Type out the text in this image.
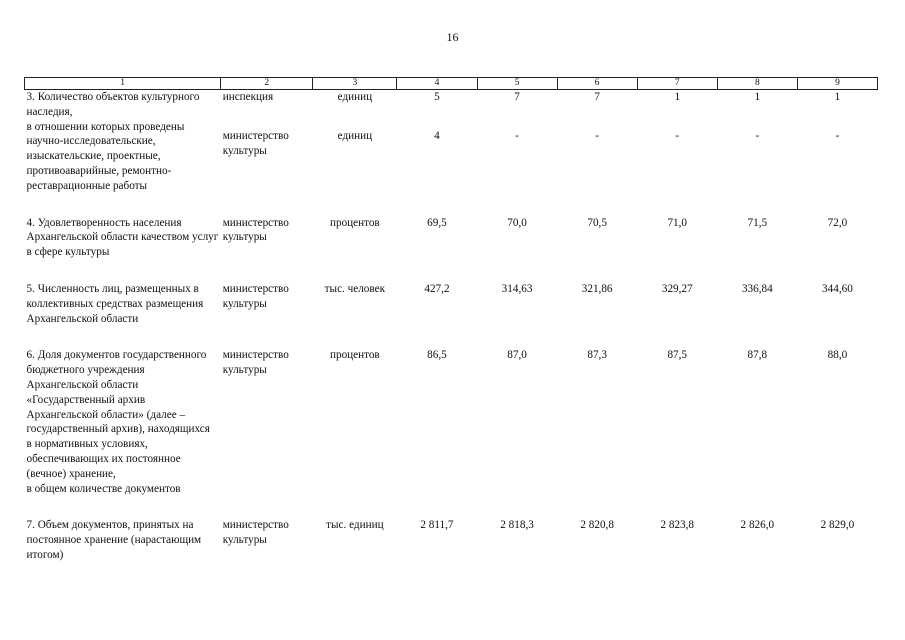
16
1	2	3	4	5	6	7	8	9

3. Количество объектов культурного наследия,
в отношении которых проведены научно-исследовательские, изыскательские, проектные, противоаварийные, ремонтно-реставрационные работы	инспекция	единиц	5	7	7	1	1	1
	министерство культуры	единиц	4	-	-	-	-	-

4. Удовлетворенность населения Архангельской области качеством услуг в сфере культуры	министерство культуры	процентов	69,5	70,0	70,5	71,0	71,5	72,0

5. Численность лиц, размещенных в коллективных средствах размещения Архангельской области	министерство культуры	тыс. человек	427,2	314,63	321,86	329,27	336,84	344,60

6. Доля документов государственного бюджетного учреждения Архангельской области «Государственный архив Архангельской области» (далее – государственный архив), находящихся
в нормативных условиях, обеспечивающих их постоянное (вечное) хранение,
в общем количестве документов	министерство культуры	процентов	86,5	87,0	87,3	87,5	87,8	88,0

7. Объем документов, принятых на постоянное хранение (нарастающим итогом)	министерство культуры	тыс. единиц	2 811,7	2 818,3	2 820,8	2 823,8	2 826,0	2 829,0
